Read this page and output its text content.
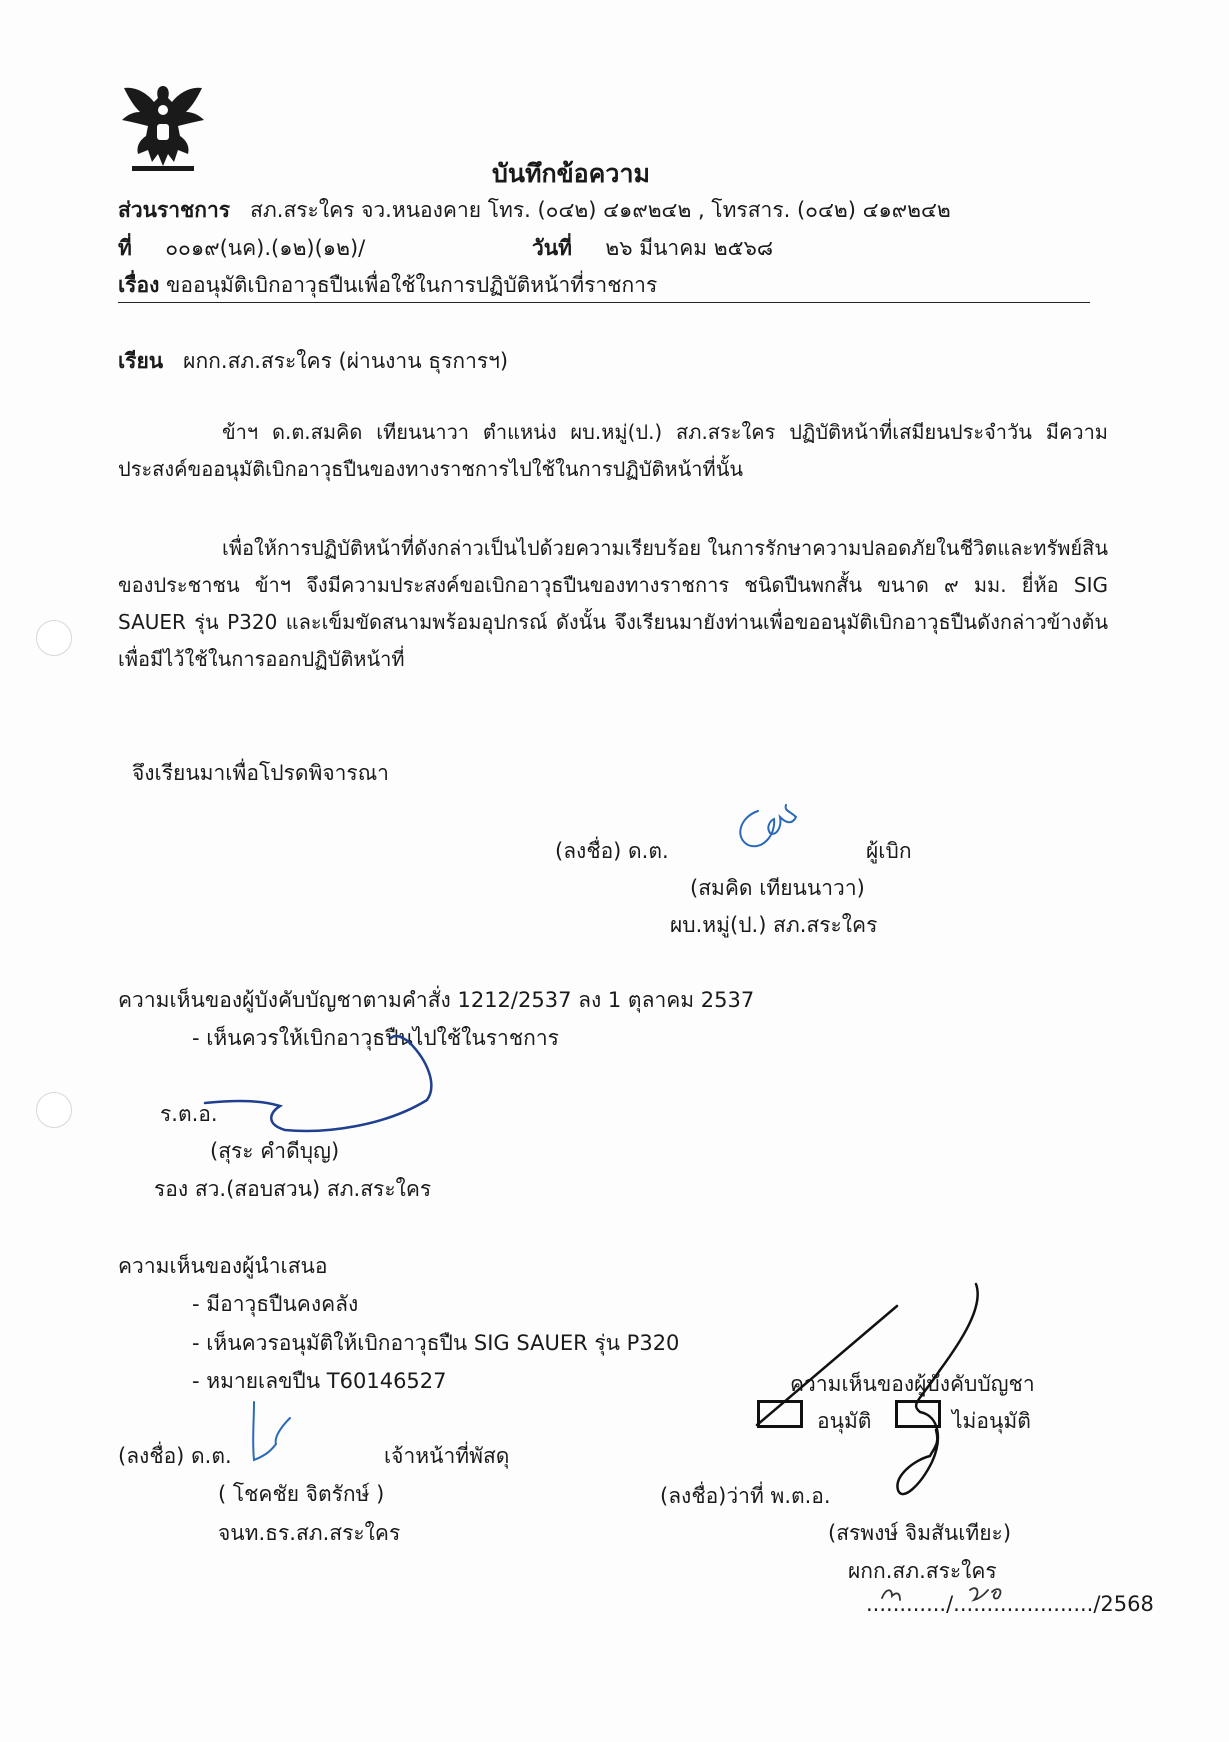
บันทึกข้อความ
ส่วนราชการ สภ.สระใคร จว.หนองคาย โทร. (๐๔๒) ๔๑๙๒๔๒ , โทรสาร. (๐๔๒) ๔๑๙๒๔๒
ที่ ๐๐๑๙(นค).(๑๒)(๑๒)/	วันที่ ๒๖ มีนาคม ๒๕๖๘
เรื่อง ขออนุมัติเบิกอาวุธปืนเพื่อใช้ในการปฏิบัติหน้าที่ราชการ
เรียน ผกก.สภ.สระใคร (ผ่านงาน ธุรการฯ)
ข้าฯ ด.ต.สมคิด เทียนนาวา ตำแหน่ง ผบ.หมู่(ป.) สภ.สระใคร ปฏิบัติหน้าที่เสมียนประจำวัน มีความประสงค์ขออนุมัติเบิกอาวุธปืนของทางราชการไปใช้ในการปฏิบัติหน้าที่นั้น
เพื่อให้การปฏิบัติหน้าที่ดังกล่าวเป็นไปด้วยความเรียบร้อย ในการรักษาความปลอดภัยในชีวิตและทรัพย์สินของประชาชน ข้าฯ จึงมีความประสงค์ขอเบิกอาวุธปืนของทางราชการ ชนิดปืนพกสั้น ขนาด ๙ มม. ยี่ห้อ SIG SAUER รุ่น P320 และเข็มขัดสนามพร้อมอุปกรณ์ ดังนั้น จึงเรียนมายังท่านเพื่อขออนุมัติเบิกอาวุธปืนดังกล่าวข้างต้น เพื่อมีไว้ใช้ในการออกปฏิบัติหน้าที่
จึงเรียนมาเพื่อโปรดพิจารณา
(ลงชื่อ) ด.ต.	ผู้เบิก
(สมคิด เทียนนาวา)
ผบ.หมู่(ป.) สภ.สระใคร
ความเห็นของผู้บังคับบัญชาตามคำสั่ง 1212/2537 ลง 1 ตุลาคม 2537
- เห็นควรให้เบิกอาวุธปืนไปใช้ในราชการ
ร.ต.อ.
(สุระ คำดีบุญ)
รอง สว.(สอบสวน) สภ.สระใคร
ความเห็นของผู้นำเสนอ
- มีอาวุธปืนคงคลัง
- เห็นควรอนุมัติให้เบิกอาวุธปืน SIG SAUER รุ่น P320
- หมายเลขปืน T60146527
(ลงชื่อ) ด.ต.	เจ้าหน้าที่พัสดุ
( โชคชัย จิตรักษ์ )
จนท.ธร.สภ.สระใคร
ความเห็นของผู้บังคับบัญชา
อนุมัติ	ไม่อนุมัติ
(ลงชื่อ)ว่าที่ พ.ต.อ.
(สรพงษ์ จิมสันเทียะ)
ผกก.สภ.สระใคร
............/...................../2568
